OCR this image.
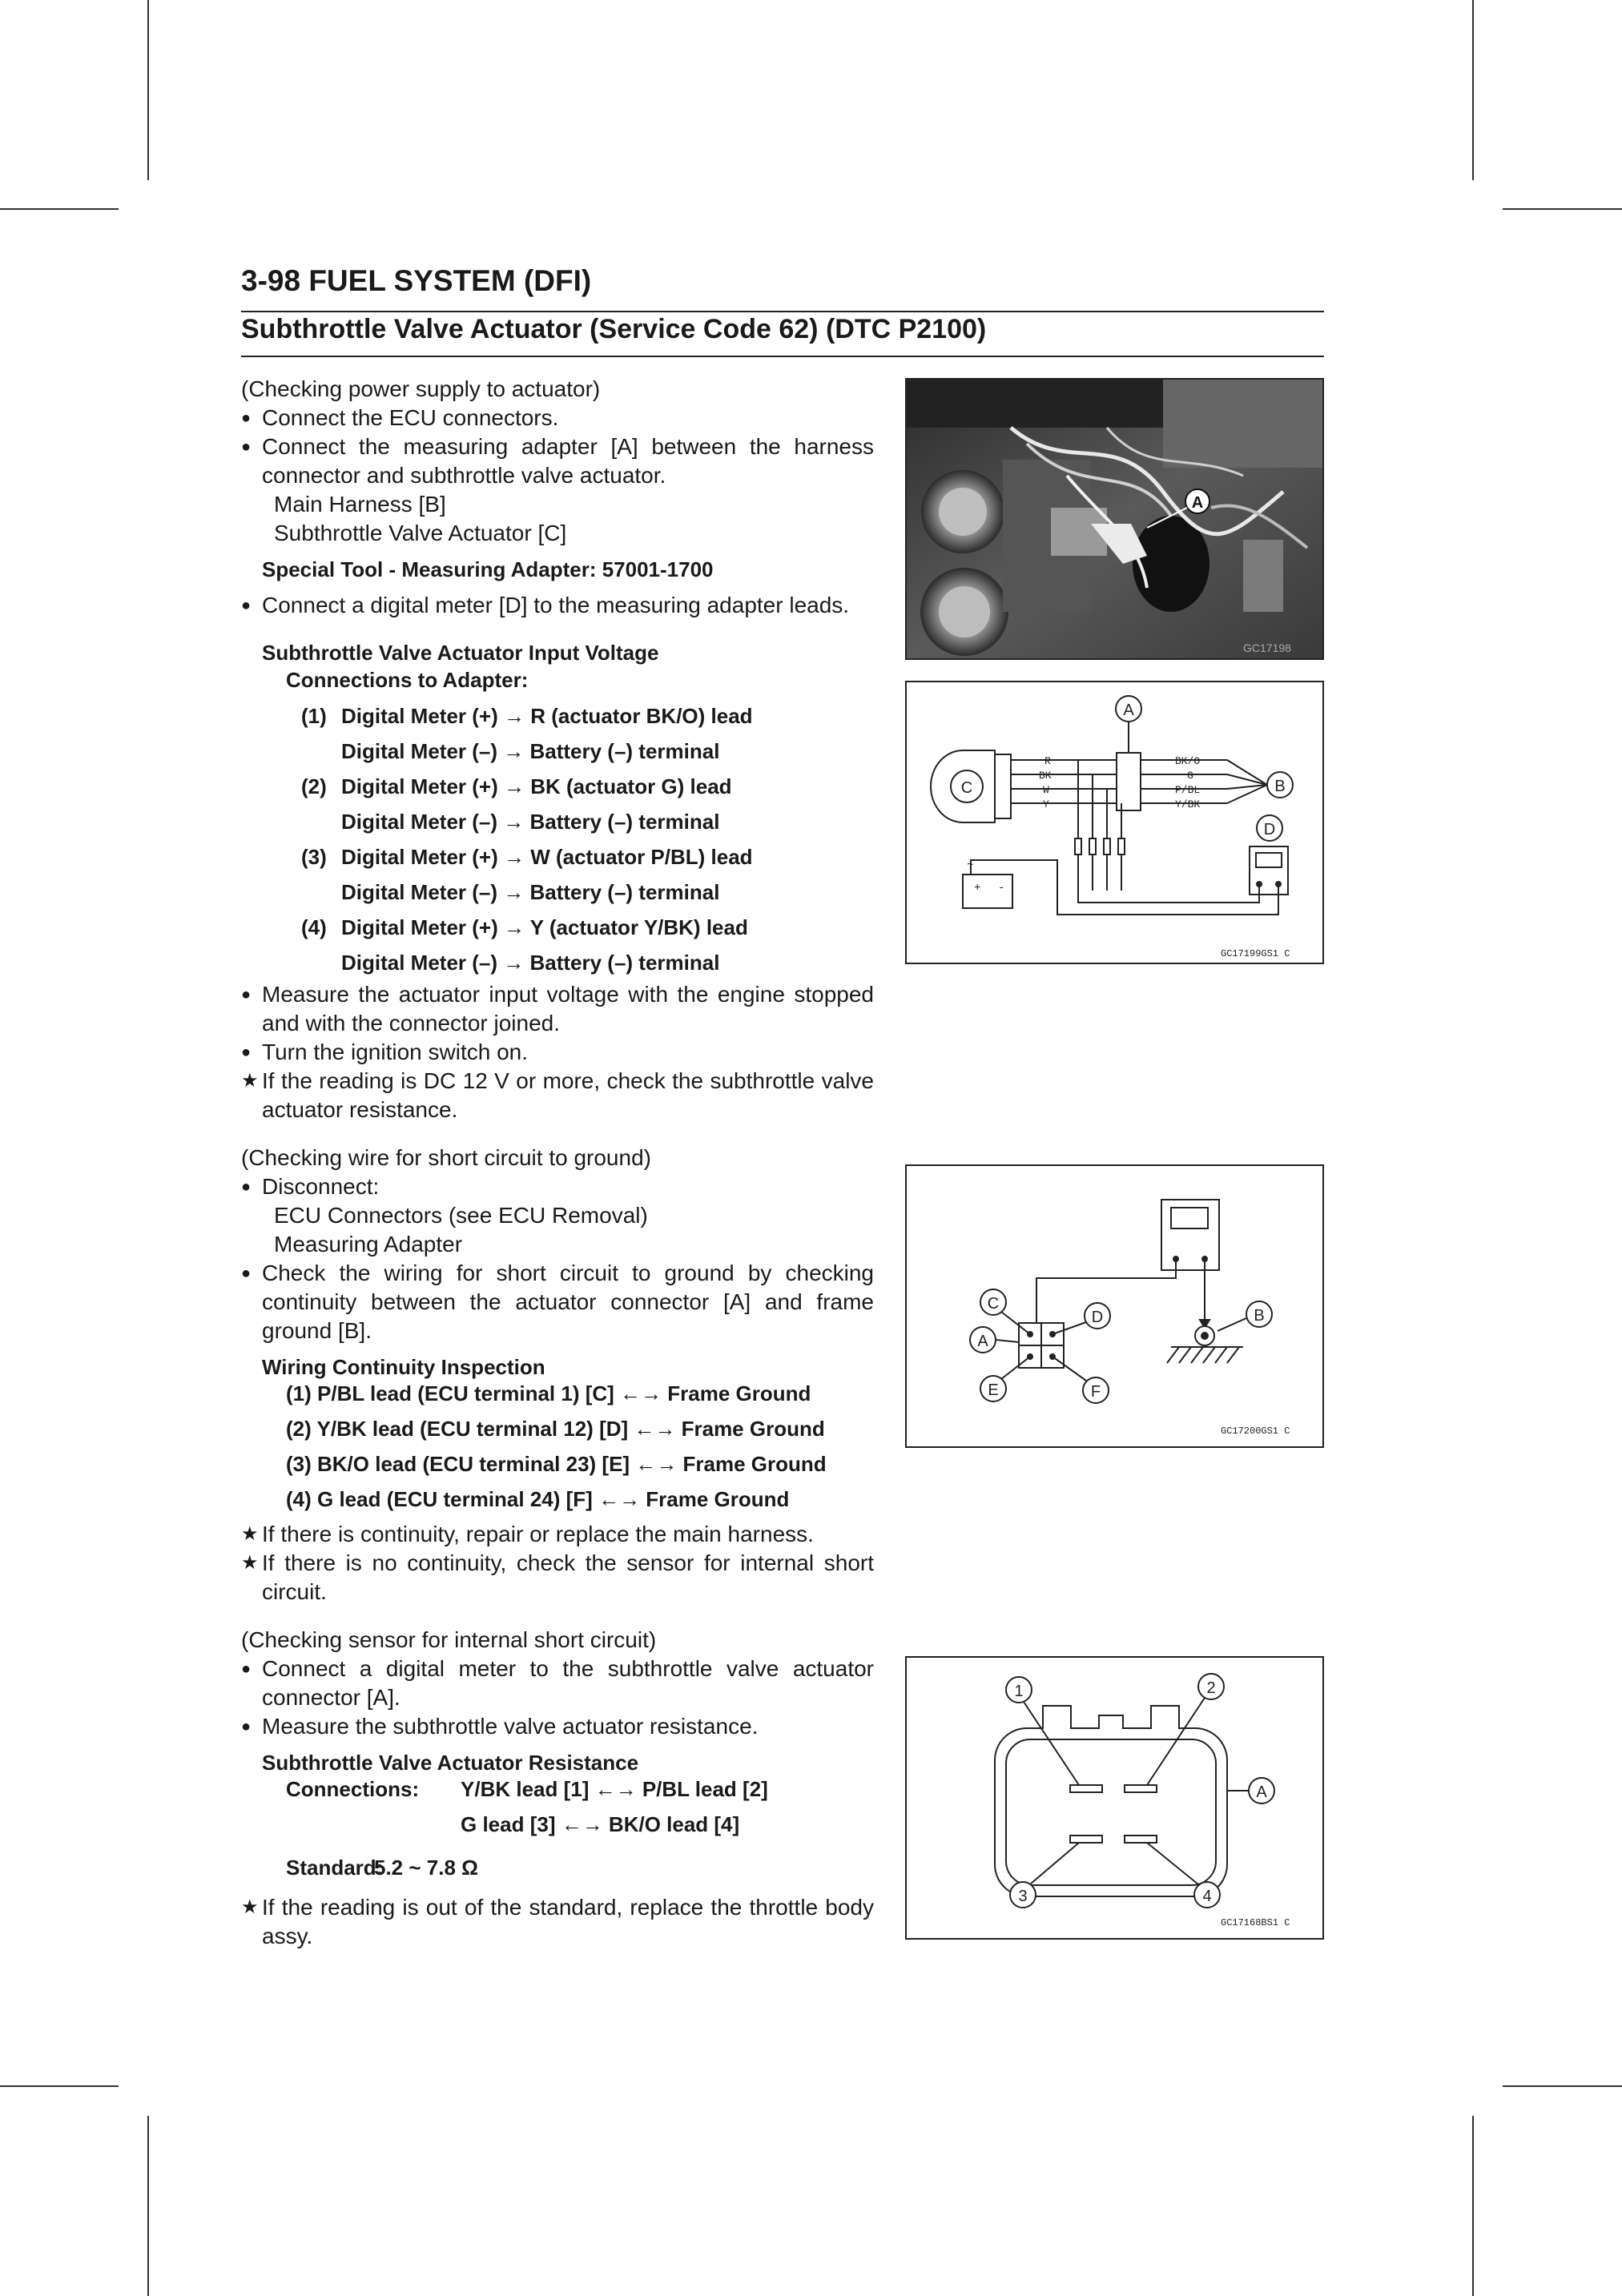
3-98 FUEL SYSTEM (DFI)
Subthrottle Valve Actuator (Service Code 62) (DTC P2100)

(Checking power supply to actuator)

● Connect the ECU connectors.

● Connect the measuring adapter [A] between the harness connector and subthrottle valve actuator.

Main Harness [B]

Subthrottle Valve Actuator [C]

Special Tool - Measuring Adapter: 57001-1700

● Connect a digital meter [D] to the measuring adapter leads.

Subthrottle Valve Actuator Input Voltage

Connections to Adapter:

(1) Digital Meter (+) → R (actuator BK/O) lead

Digital Meter (–) → Battery (–) terminal

(2) Digital Meter (+) → BK (actuator G) lead

Digital Meter (–) → Battery (–) terminal

(3) Digital Meter (+) → W (actuator P/BL) lead

Digital Meter (–) → Battery (–) terminal

(4) Digital Meter (+) → Y (actuator Y/BK) lead

Digital Meter (–) → Battery (–) terminal

● Measure the actuator input voltage with the engine stopped and with the connector joined.

● Turn the ignition switch on.

★ If the reading is DC 12 V or more, check the subthrottle valve actuator resistance.

(Checking wire for short circuit to ground)

● Disconnect:

ECU Connectors (see ECU Removal)

Measuring Adapter

● Check the wiring for short circuit to ground by checking continuity between the actuator connector [A] and frame ground [B].

Wiring Continuity Inspection

(1) P/BL lead (ECU terminal 1) [C] ←→ Frame Ground

(2) Y/BK lead (ECU terminal 12) [D] ←→ Frame Ground

(3) BK/O lead (ECU terminal 23) [E] ←→ Frame Ground

(4) G lead (ECU terminal 24) [F] ←→ Frame Ground

★ If there is continuity, repair or replace the main harness.

★ If there is no continuity, check the sensor for internal short circuit.

(Checking sensor for internal short circuit)

● Connect a digital meter to the subthrottle valve actuator connector [A].

● Measure the subthrottle valve actuator resistance.

Subthrottle Valve Actuator Resistance

Connections:	Y/BK lead [1] ←→ P/BL lead [2]
G lead [3] ←→ BK/O lead [4]
Standard:
5.2 ~ 7.8 Ω

★ If the reading is out of the standard, replace the throttle body assy.

A
GC17198
A
C
R
BK
W
Y
BK/O
G
P/BL
Y/BK
B
D
+ -
~
GC17199GS1 C
B
C
A
D
E	F
GC17200GS1 C
1	2
3	4
A
GC17168BS1 C
